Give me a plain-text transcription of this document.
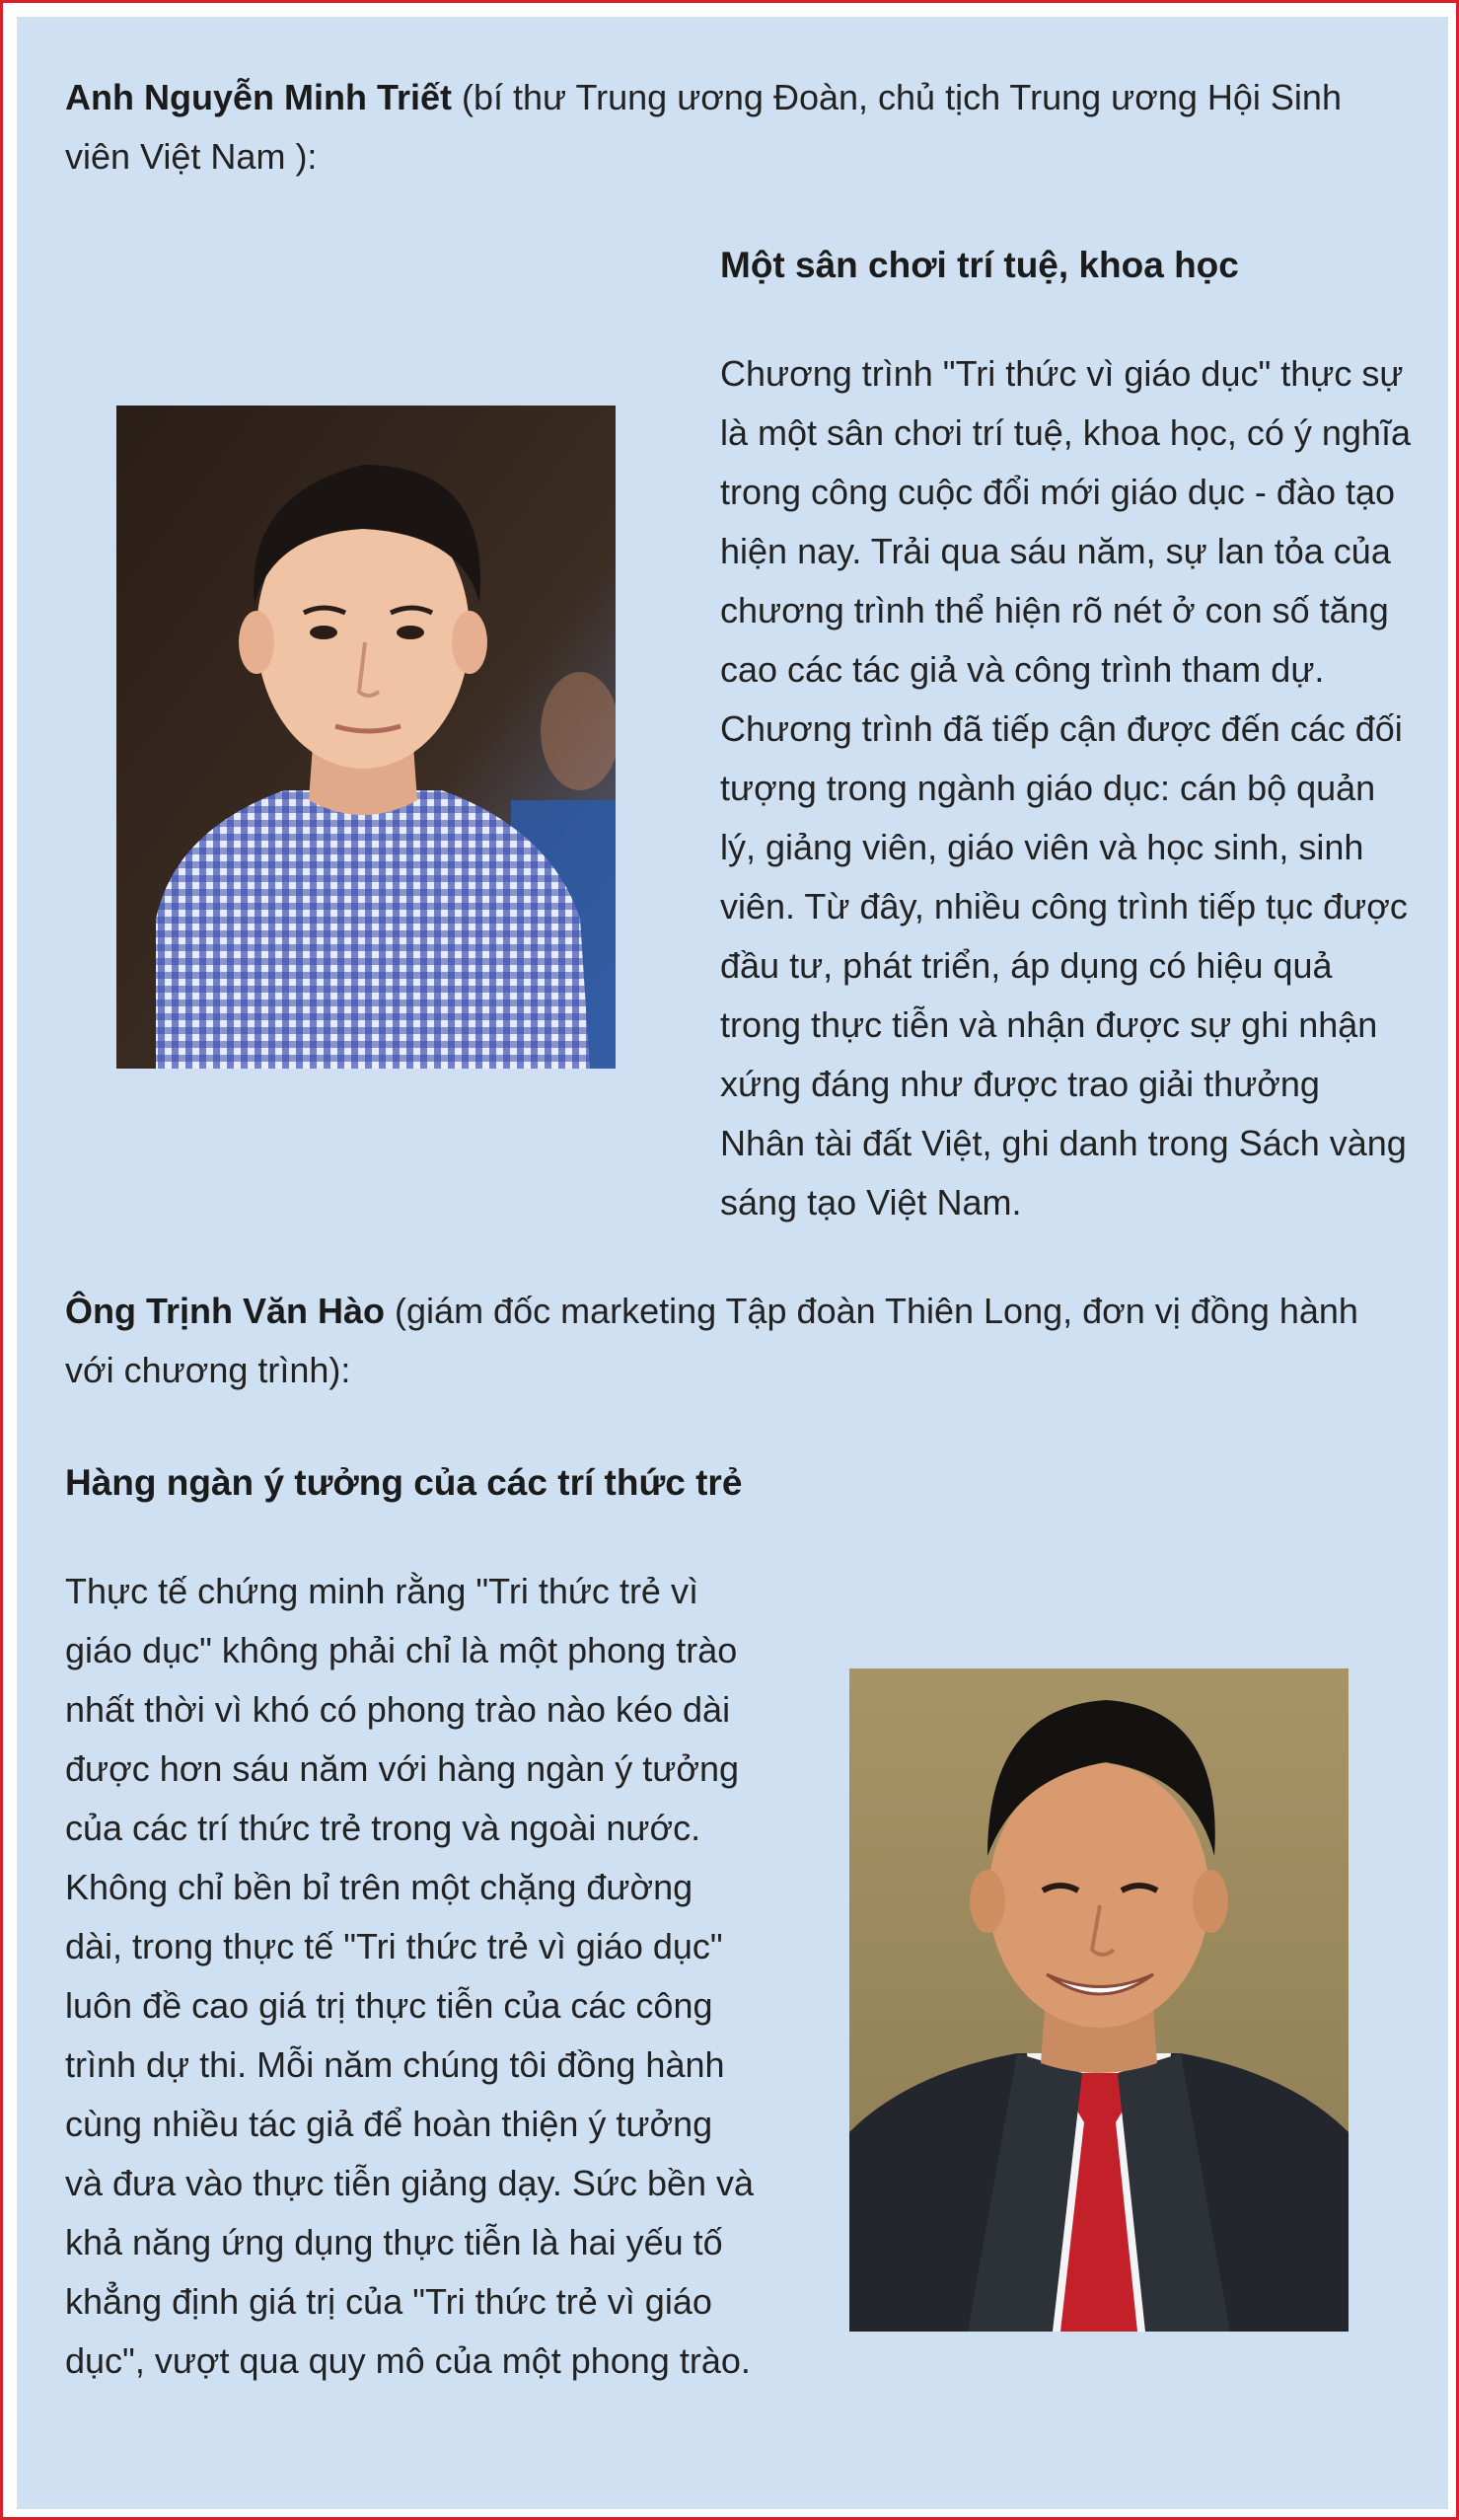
Anh Nguyễn Minh Triết (bí thư Trung ương Đoàn, chủ tịch Trung ương Hội Sinh viên Việt Nam ):

Một sân chơi trí tuệ, khoa học

Chương trình "Tri thức vì giáo dục" thực sự là một sân chơi trí tuệ, khoa học, có ý nghĩa trong công cuộc đổi mới giáo dục - đào tạo hiện nay. Trải qua sáu năm, sự lan tỏa của chương trình thể hiện rõ nét ở con số tăng cao các tác giả và công trình tham dự. Chương trình đã tiếp cận được đến các đối tượng trong ngành giáo dục: cán bộ quản lý, giảng viên, giáo viên và học sinh, sinh viên. Từ đây, nhiều công trình tiếp tục được đầu tư, phát triển, áp dụng có hiệu quả trong thực tiễn và nhận được sự ghi nhận xứng đáng như được trao giải thưởng Nhân tài đất Việt, ghi danh trong Sách vàng sáng tạo Việt Nam.

Ông Trịnh Văn Hào (giám đốc marketing Tập đoàn Thiên Long, đơn vị đồng hành với chương trình):

Hàng ngàn ý tưởng của các trí thức trẻ

Thực tế chứng minh rằng "Tri thức trẻ vì giáo dục" không phải chỉ là một phong trào nhất thời vì khó có phong trào nào kéo dài được hơn sáu năm với hàng ngàn ý tưởng của các trí thức trẻ trong và ngoài nước. Không chỉ bền bỉ trên một chặng đường dài, trong thực tế "Tri thức trẻ vì giáo dục" luôn đề cao giá trị thực tiễn của các công trình dự thi. Mỗi năm chúng tôi đồng hành cùng nhiều tác giả để hoàn thiện ý tưởng và đưa vào thực tiễn giảng dạy. Sức bền và khả năng ứng dụng thực tiễn là hai yếu tố khẳng định giá trị của "Tri thức trẻ vì giáo dục", vượt qua quy mô của một phong trào.
